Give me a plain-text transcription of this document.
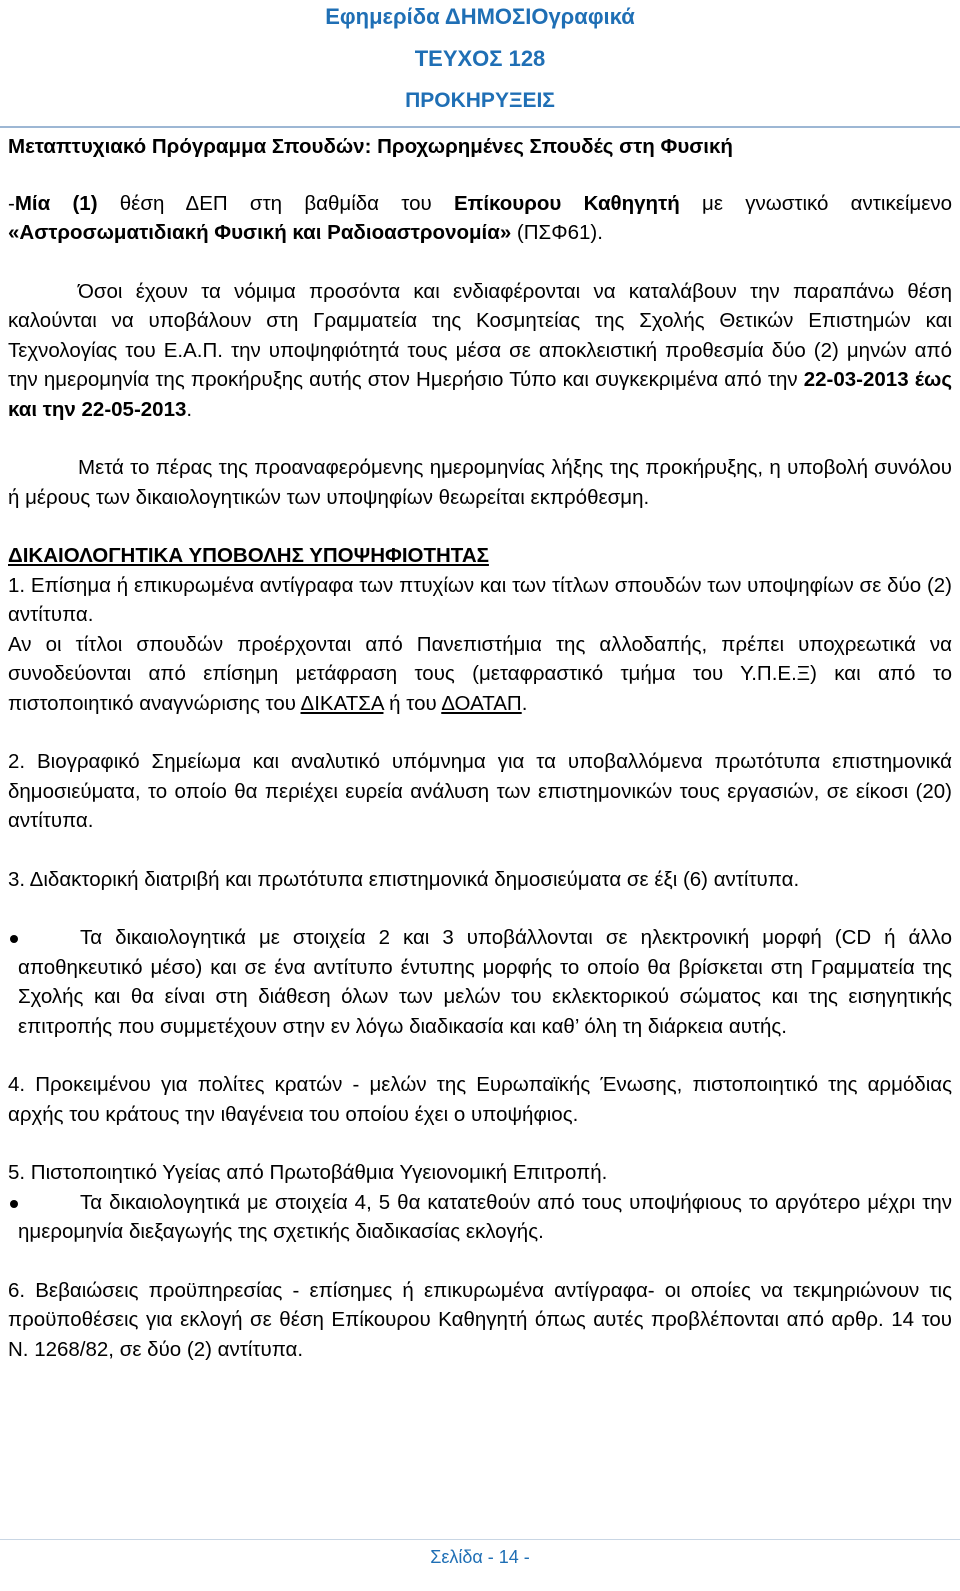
Εφημερίδα ΔΗΜΟΣΙΟγραφικά
ΤΕΥΧΟΣ 128
ΠΡΟΚΗΡΥΞΕΙΣ

Μεταπτυχιακό Πρόγραμμα Σπουδών: Προχωρημένες Σπουδές στη Φυσική

-Μία (1) θέση ΔΕΠ στη βαθμίδα του Επίκουρου Καθηγητή με γνωστικό αντικείμενο «Αστροσωματιδιακή Φυσική και Ραδιοαστρονομία» (ΠΣΦ61).

Όσοι έχουν τα νόμιμα προσόντα και ενδιαφέρονται να καταλάβουν την παραπάνω θέση καλούνται να υποβάλουν στη Γραμματεία της Κοσμητείας της Σχολής Θετικών Επιστημών και Τεχνολογίας του Ε.Α.Π. την υποψηφιότητά τους μέσα σε αποκλειστική προθεσμία δύο (2) μηνών από την ημερομηνία της προκήρυξης αυτής στον Ημερήσιο Τύπο και συγκεκριμένα από την 22-03-2013 έως και την 22-05-2013.

Μετά το πέρας της προαναφερόμενης ημερομηνίας λήξης της προκήρυξης, η υποβολή συνόλου ή μέρους των δικαιολογητικών των υποψηφίων θεωρείται εκπρόθεσμη.

ΔΙΚΑΙΟΛΟΓΗΤΙΚΑ ΥΠΟΒΟΛΗΣ ΥΠΟΨΗΦΙΟΤΗΤΑΣ

1. Επίσημα ή επικυρωμένα αντίγραφα των πτυχίων και των τίτλων σπουδών των υποψηφίων σε δύο (2) αντίτυπα.

Αν οι τίτλοι σπουδών προέρχονται από Πανεπιστήμια της αλλοδαπής, πρέπει υποχρεωτικά να συνοδεύονται από επίσημη μετάφραση τους (μεταφραστικό τμήμα του Υ.Π.Ε.Ξ) και από το πιστοποιητικό αναγνώρισης του ΔΙΚΑΤΣΑ ή του ΔΟΑΤΑΠ.

2. Βιογραφικό Σημείωμα και αναλυτικό υπόμνημα για τα υποβαλλόμενα πρωτότυπα επιστημονικά δημοσιεύματα, το οποίο θα περιέχει ευρεία ανάλυση των επιστημονικών τους εργασιών, σε είκοσι (20) αντίτυπα.

3. Διδακτορική διατριβή και πρωτότυπα επιστημονικά δημοσιεύματα σε έξι (6) αντίτυπα.

Τα δικαιολογητικά με στοιχεία 2 και 3 υποβάλλονται σε ηλεκτρονική μορφή (CD ή άλλο αποθηκευτικό μέσο) και σε ένα αντίτυπο έντυπης μορφής το οποίο θα βρίσκεται στη Γραμματεία της Σχολής και θα είναι στη διάθεση όλων των μελών του εκλεκτορικού σώματος και της εισηγητικής επιτροπής που συμμετέχουν στην εν λόγω διαδικασία και καθ’ όλη τη διάρκεια αυτής.

4. Προκειμένου για πολίτες κρατών - μελών της Ευρωπαϊκής Ένωσης, πιστοποιητικό της αρμόδιας αρχής του κράτους την ιθαγένεια του οποίου έχει ο υποψήφιος.

5. Πιστοποιητικό Υγείας από Πρωτοβάθμια Υγειονομική Επιτροπή.

Τα δικαιολογητικά με στοιχεία 4, 5 θα κατατεθούν από τους υποψήφιους το αργότερο μέχρι την ημερομηνία διεξαγωγής της σχετικής διαδικασίας εκλογής.

6. Βεβαιώσεις προϋπηρεσίας - επίσημες ή επικυρωμένα αντίγραφα- οι οποίες να τεκμηριώνουν τις προϋποθέσεις για εκλογή σε θέση Επίκουρου Καθηγητή όπως αυτές προβλέπονται από αρθρ. 14 του Ν. 1268/82, σε δύο (2) αντίτυπα.

Σελίδα - 14 -
